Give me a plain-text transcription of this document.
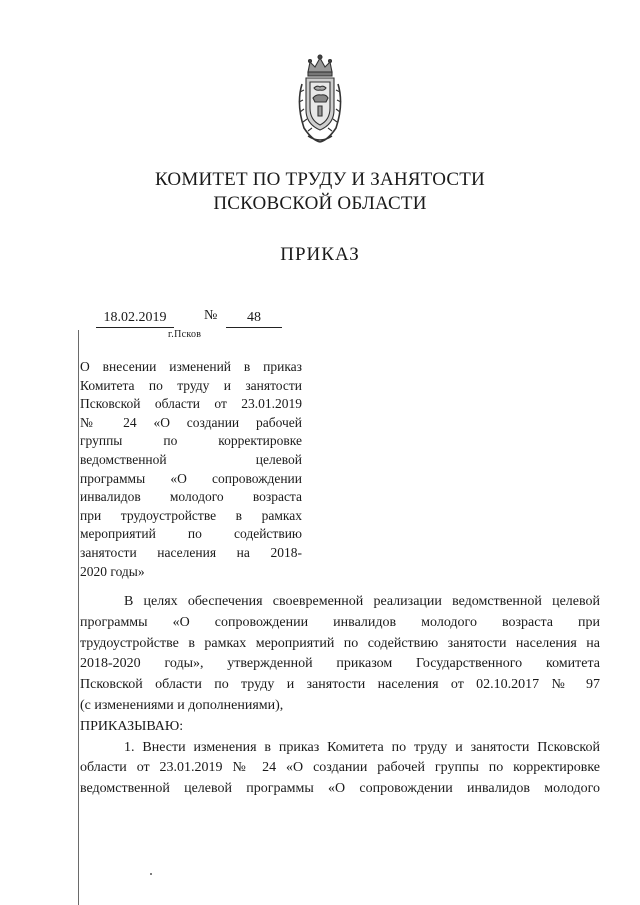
КОМИТЕТ ПО ТРУДУ И ЗАНЯТОСТИ
ПСКОВСКОЙ ОБЛАСТИ
ПРИКАЗ
18.02.2019	№	48
г.Псков
О внесении изменений в приказ
Комитета по труду и занятости
Псковской области от 23.01.2019
№ 24 «О создании рабочей
группы по корректировке
ведомственной целевой
программы «О сопровождении
инвалидов молодого возраста
при трудоустройстве в рамках
мероприятий по содействию
занятости населения на 2018-
2020 годы»
В целях обеспечения своевременной реализации ведомственной целевой
программы «О сопровождении инвалидов молодого возраста при
трудоустройстве в рамках мероприятий по содействию занятости населения на
2018-2020 годы», утвержденной приказом Государственного комитета
Псковской области по труду и занятости населения от 02.10.2017 № 97
(с изменениями и дополнениями),
ПРИКАЗЫВАЮ:
1. Внести изменения в приказ Комитета по труду и занятости Псковской
области от 23.01.2019 № 24 «О создании рабочей группы по корректировке
ведомственной целевой программы «О сопровождении инвалидов молодого
